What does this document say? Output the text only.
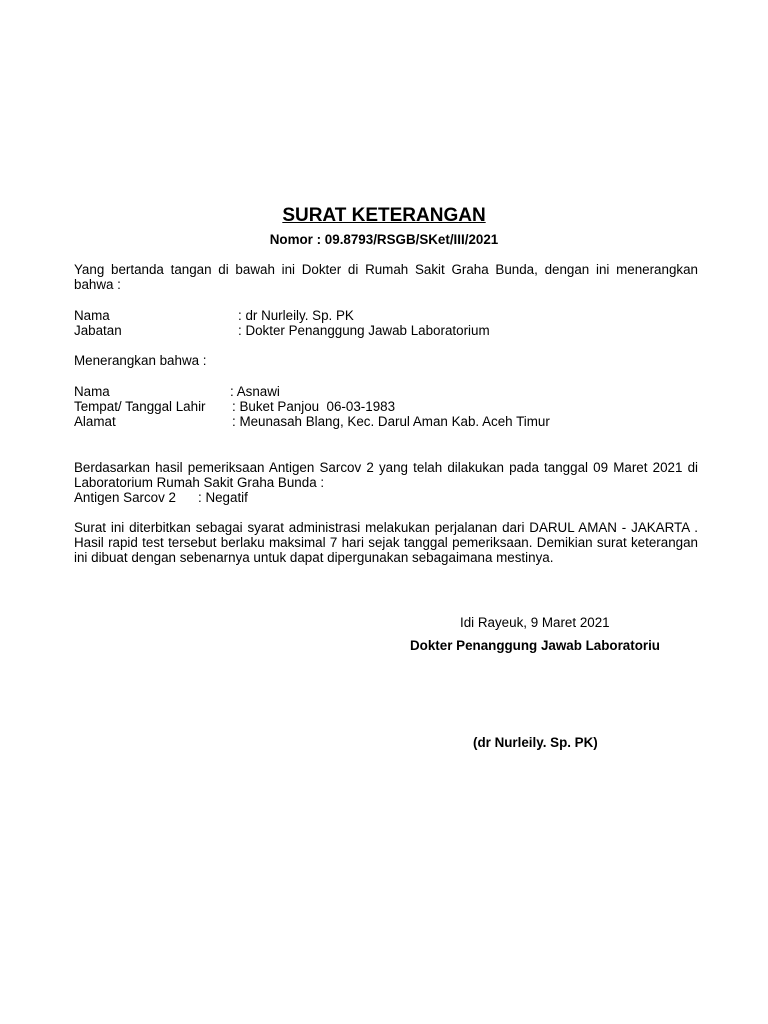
SURAT KETERANGAN
Nomor : 09.8793/RSGB/SKet/III/2021
Yang bertanda tangan di bawah ini Dokter di Rumah Sakit Graha Bunda, dengan ini menerangkan bahwa :
Nama	: dr Nurleily. Sp. PK
Jabatan	: Dokter Penanggung Jawab Laboratorium
Menerangkan bahwa :
Nama	: Asnawi
Tempat/ Tanggal Lahir : Buket Panjou  06-03-1983
Alamat	: Meunasah Blang, Kec. Darul Aman Kab. Aceh Timur
Berdasarkan hasil pemeriksaan Antigen Sarcov 2 yang telah dilakukan pada tanggal 09 Maret 2021 di Laboratorium Rumah Sakit Graha Bunda :
Antigen Sarcov 2 : Negatif
Surat ini diterbitkan sebagai syarat administrasi melakukan perjalanan dari DARUL AMAN - JAKARTA . Hasil rapid test tersebut berlaku maksimal 7 hari sejak tanggal pemeriksaan. Demikian surat keterangan ini dibuat dengan sebenarnya untuk dapat dipergunakan sebagaimana mestinya.
Idi Rayeuk, 9 Maret 2021
Dokter Penanggung Jawab Laboratoriu
(dr Nurleily. Sp. PK)
